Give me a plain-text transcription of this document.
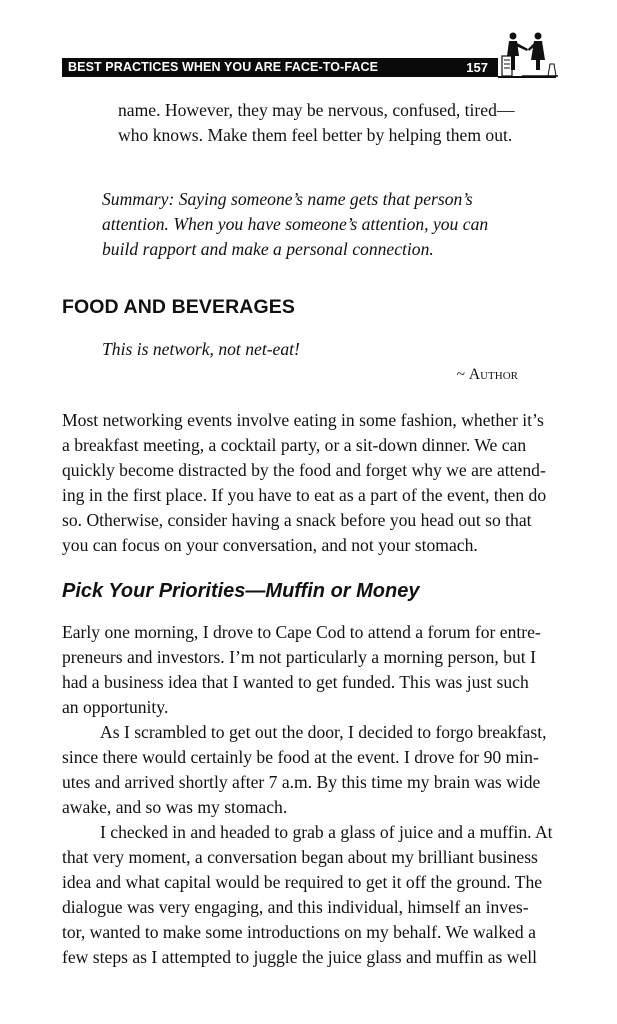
BEST PRACTICES WHEN YOU ARE FACE-TO-FACE	157

name. However, they may be nervous, confused, tired—
who knows. Make them feel better by helping them out.

Summary: Saying someone’s name gets that person’s
attention. When you have someone’s attention, you can
build rapport and make a personal connection.

FOOD AND BEVERAGES

This is network, not net-eat!

~ Author

Most networking events involve eating in some fashion, whether it’s
a breakfast meeting, a cocktail party, or a sit-down dinner. We can
quickly become distracted by the food and forget why we are attend-
ing in the first place. If you have to eat as a part of the event, then do
so. Otherwise, consider having a snack before you head out so that
you can focus on your conversation, and not your stomach.

Pick Your Priorities—Muffin or Money

Early one morning, I drove to Cape Cod to attend a forum for entre-
preneurs and investors. I’m not particularly a morning person, but I
had a business idea that I wanted to get funded. This was just such
an opportunity.

As I scrambled to get out the door, I decided to forgo breakfast,
since there would certainly be food at the event. I drove for 90 min-
utes and arrived shortly after 7 a.m. By this time my brain was wide
awake, and so was my stomach.

I checked in and headed to grab a glass of juice and a muffin. At
that very moment, a conversation began about my brilliant business
idea and what capital would be required to get it off the ground. The
dialogue was very engaging, and this individual, himself an inves-
tor, wanted to make some introductions on my behalf. We walked a
few steps as I attempted to juggle the juice glass and muffin as well
